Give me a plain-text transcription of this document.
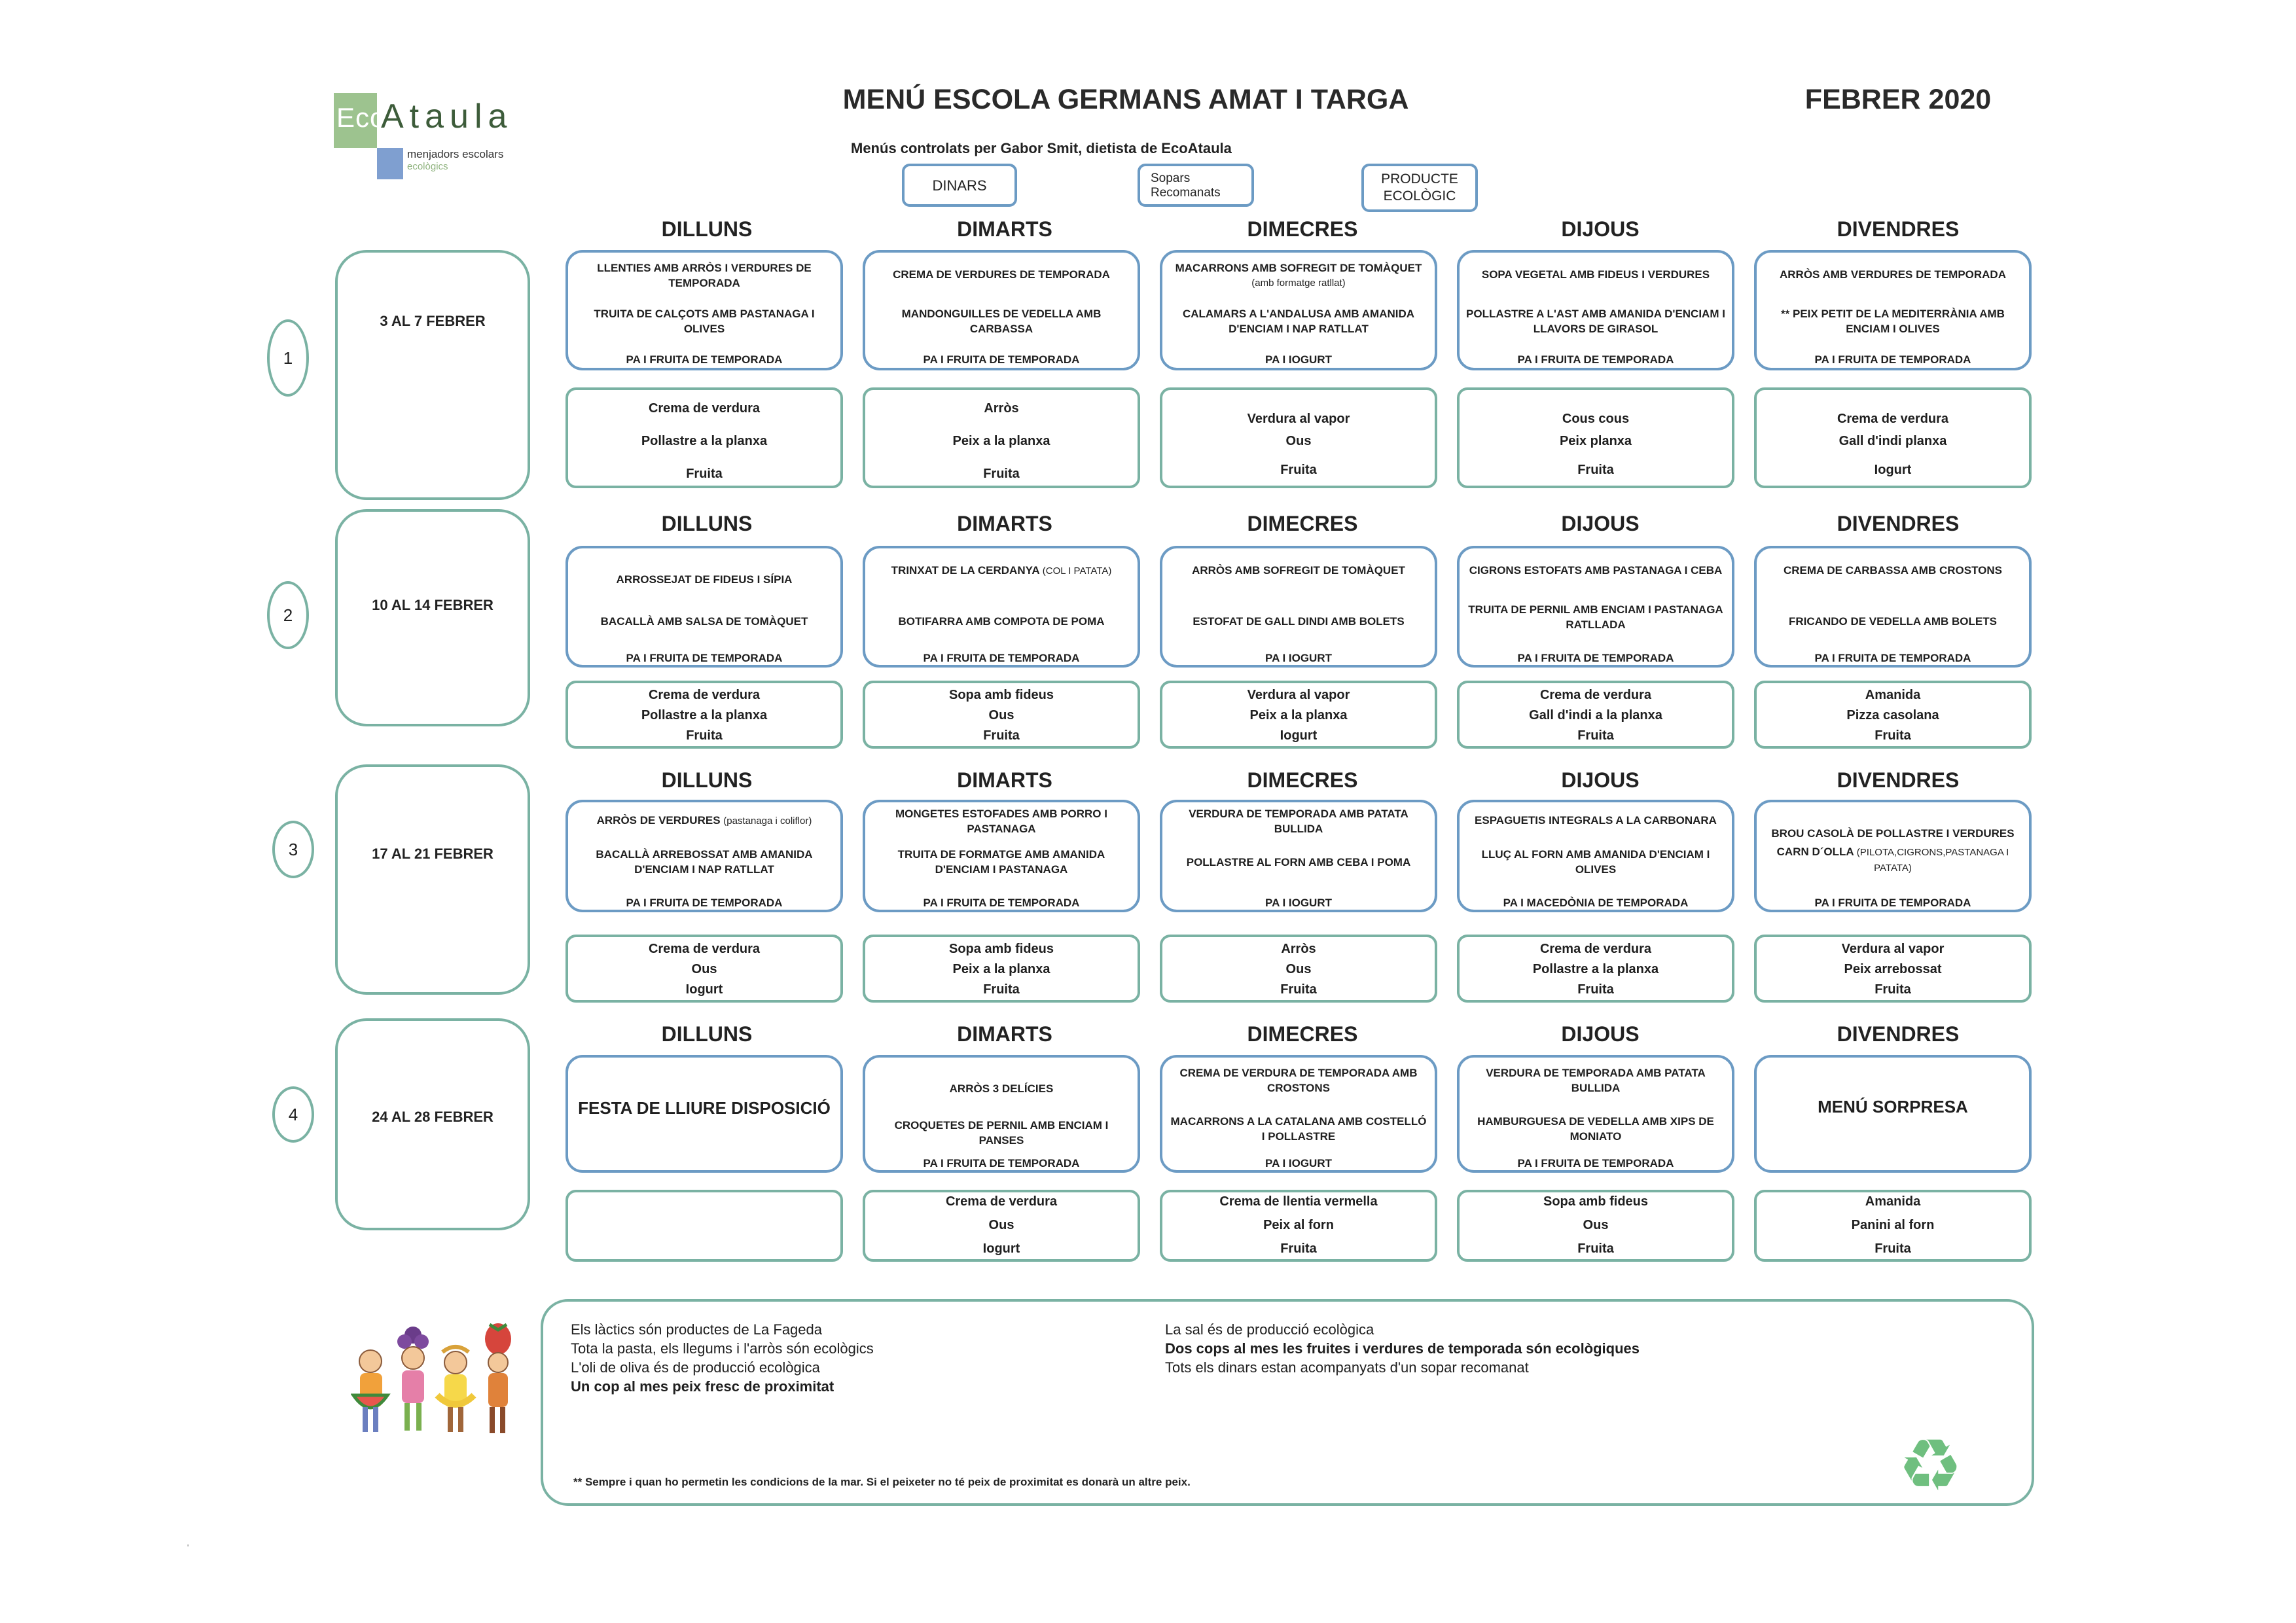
Eco
Ataula
menjadors escolars
ecològics
MENÚ ESCOLA GERMANS AMAT I TARGA	FEBRER 2020
Menús controlats per Gabor Smit, dietista de EcoAtaula
DINARS	Sopars
Recomanats
PRODUCTE
ECOLÒGIC
DILLUNS	DIMARTS	DIMECRES	DIJOUS	DIVENDRES
3 AL 7 FEBRER
1
LLENTIES AMB ARRÒS I VERDURES DE TEMPORADA
TRUITA DE CALÇOTS AMB PASTANAGA I OLIVES
PA I FRUITA DE TEMPORADA
CREMA DE VERDURES DE TEMPORADA
MANDONGUILLES DE VEDELLA AMB CARBASSA
PA I FRUITA DE TEMPORADA
MACARRONS AMB SOFREGIT DE TOMÀQUET
(amb formatge ratllat)
CALAMARS A L'ANDALUSA AMB AMANIDA D'ENCIAM I NAP RATLLAT
PA I IOGURT
SOPA VEGETAL AMB FIDEUS I VERDURES
POLLASTRE A L'AST AMB AMANIDA D'ENCIAM I LLAVORS DE GIRASOL
PA I FRUITA DE TEMPORADA
ARRÒS AMB VERDURES DE TEMPORADA
** PEIX PETIT DE LA MEDITERRÀNIA AMB ENCIAM I OLIVES
PA I FRUITA DE TEMPORADA
Crema de verdura
Pollastre a la planxa
Fruita
Arròs
Peix a la planxa
Fruita
Verdura al vapor
Ous
Fruita
Cous cous
Peix planxa
Fruita
Crema de verdura
Gall d'indi planxa
Iogurt
DILLUNS	DIMARTS	DIMECRES	DIJOUS	DIVENDRES
10 AL 14 FEBRER
2
ARROSSEJAT DE FIDEUS I SÍPIA
BACALLÀ AMB SALSA DE TOMÀQUET
PA I FRUITA DE TEMPORADA
TRINXAT DE LA CERDANYA (COL I PATATA)
BOTIFARRA AMB COMPOTA DE POMA
PA I FRUITA DE TEMPORADA
ARRÒS AMB SOFREGIT DE TOMÀQUET
ESTOFAT DE GALL DINDI AMB BOLETS
PA I IOGURT
CIGRONS ESTOFATS AMB PASTANAGA I CEBA
TRUITA DE PERNIL AMB ENCIAM I PASTANAGA RATLLADA
PA I FRUITA DE TEMPORADA
CREMA DE CARBASSA AMB CROSTONS
FRICANDO DE VEDELLA AMB BOLETS
PA I FRUITA DE TEMPORADA
Crema de verdura
Pollastre a la planxa
Fruita
Sopa amb fideus
Ous
Fruita
Verdura al vapor
Peix a la planxa
Iogurt
Crema de verdura
Gall d'indi a la planxa
Fruita
Amanida
Pizza casolana
Fruita
DILLUNS	DIMARTS	DIMECRES	DIJOUS	DIVENDRES
17 AL 21 FEBRER
3
ARRÒS DE VERDURES (pastanaga i coliflor)
BACALLÀ ARREBOSSAT AMB AMANIDA D'ENCIAM I NAP RATLLAT
PA I FRUITA DE TEMPORADA
MONGETES ESTOFADES AMB PORRO I PASTANAGA
TRUITA DE FORMATGE AMB AMANIDA D'ENCIAM I PASTANAGA
PA I FRUITA DE TEMPORADA
VERDURA DE TEMPORADA AMB PATATA BULLIDA
POLLASTRE AL FORN AMB CEBA I POMA
PA I IOGURT
ESPAGUETIS INTEGRALS A LA CARBONARA
LLUÇ AL FORN AMB AMANIDA D'ENCIAM I OLIVES
PA I MACEDÒNIA DE TEMPORADA
BROU CASOLÀ DE POLLASTRE I VERDURES
CARN D´OLLA (PILOTA,CIGRONS,PASTANAGA I PATATA)
PA I FRUITA DE TEMPORADA
Crema de verdura
Ous
Iogurt
Sopa amb fideus
Peix a la planxa
Fruita
Arròs
Ous
Fruita
Crema de verdura
Pollastre a la planxa
Fruita
Verdura al vapor
Peix arrebossat
Fruita
DILLUNS	DIMARTS	DIMECRES	DIJOUS	DIVENDRES
24 AL 28 FEBRER
4	FESTA DE LLIURE DISPOSICIÓ
ARRÒS 3 DELÍCIES
CROQUETES DE PERNIL AMB ENCIAM I PANSES
PA I FRUITA DE TEMPORADA
CREMA DE VERDURA DE TEMPORADA AMB CROSTONS
MACARRONS A LA CATALANA AMB COSTELLÓ I POLLASTRE
PA I IOGURT
VERDURA DE TEMPORADA AMB PATATA BULLIDA
HAMBURGUESA DE VEDELLA AMB XIPS DE MONIATO
PA I FRUITA DE TEMPORADA
MENÚ SORPRESA
Crema de verdura
Ous
Iogurt
Crema de llentia vermella
Peix al forn
Fruita
Sopa amb fideus
Ous
Fruita
Amanida
Panini al forn
Fruita
Els làctics són productes de La Fageda
Tota la pasta, els llegums i l'arròs són ecològics
L'oli de oliva és de producció ecològica
Un cop al mes peix fresc de proximitat
La sal és de producció ecològica
Dos cops al mes les fruites i verdures de temporada són ecològiques
Tots els dinars estan acompanyats d'un sopar recomanat
** Sempre i quan ho permetin les condicions de la mar. Si el peixeter no té peix de proximitat es donarà un altre peix.	♻
